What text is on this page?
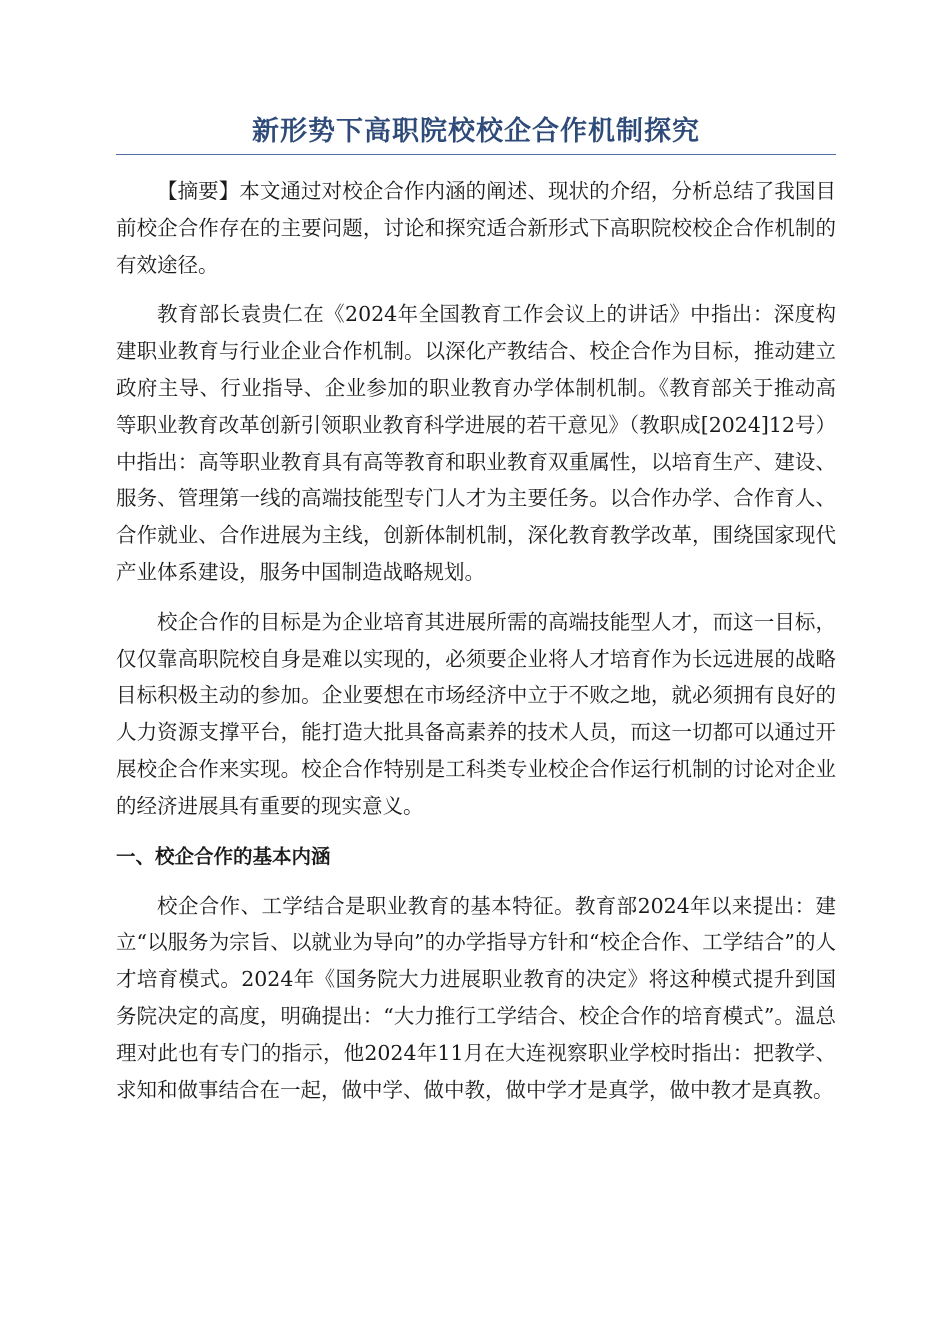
新形势下高职院校校企合作机制探究

【摘要】本文通过对校企合作内涵的阐述、现状的介绍，分析总结了我国目前校企合作存在的主要问题，讨论和探究适合新形式下高职院校校企合作机制的有效途径。

教育部长袁贵仁在《2024年全国教育工作会议上的讲话》中指出：深度构建职业教育与行业企业合作机制。以深化产教结合、校企合作为目标，推动建立政府主导、行业指导、企业参加的职业教育办学体制机制。《教育部关于推动高等职业教育改革创新引领职业教育科学进展的若干意见》（教职成[2024]12号）中指出：高等职业教育具有高等教育和职业教育双重属性，以培育生产、建设、服务、管理第一线的高端技能型专门人才为主要任务。以合作办学、合作育人、合作就业、合作进展为主线，创新体制机制，深化教育教学改革，围绕国家现代产业体系建设，服务中国制造战略规划。

校企合作的目标是为企业培育其进展所需的高端技能型人才，而这一目标，仅仅靠高职院校自身是难以实现的，必须要企业将人才培育作为长远进展的战略目标积极主动的参加。企业要想在市场经济中立于不败之地，就必须拥有良好的人力资源支撑平台，能打造大批具备高素养的技术人员，而这一切都可以通过开展校企合作来实现。校企合作特别是工科类专业校企合作运行机制的讨论对企业的经济进展具有重要的现实意义。

一、校企合作的基本内涵

校企合作、工学结合是职业教育的基本特征。教育部2024年以来提出：建立“以服务为宗旨、以就业为导向”的办学指导方针和“校企合作、工学结合”的人才培育模式。2024年《国务院大力进展职业教育的决定》将这种模式提升到国务院决定的高度，明确提出：“大力推行工学结合、校企合作的培育模式”。温总理对此也有专门的指示，他2024年11月在大连视察职业学校时指出：把教学、求知和做事结合在一起，做中学、做中教，做中学才是真学，做中教才是真教。
